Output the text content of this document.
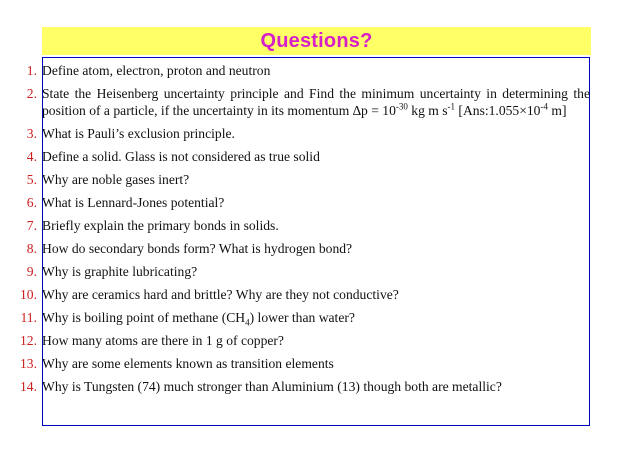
Questions?
1. Define atom, electron, proton and neutron
2. State the Heisenberg uncertainty principle and Find the minimum uncertainty in determining the position of a particle, if the uncertainty in its momentum $\Delta p = 10^{-30}$ kg m $s^{-1}$ [$Ans:1.055\times 10^{-4}$ m]
3. What is Pauli’s exclusion principle.
4. Define a solid. Glass is not considered as true solid
5. Why are noble gases inert?
6. What is Lennard-Jones potential?
7. Briefly explain the primary bonds in solids.
8. How do secondary bonds form? What is hydrogen bond?
9. Why is graphite lubricating?
10. Why are ceramics hard and brittle? Why are they not conductive?
11. Why is boiling point of methane $(CH_4)$ lower than water?
12. How many atoms are there in 1 g of copper?
13. Why are some elements known as transition elements
14. Why is Tungsten (74) much stronger than Aluminium (13) though both are metallic?
